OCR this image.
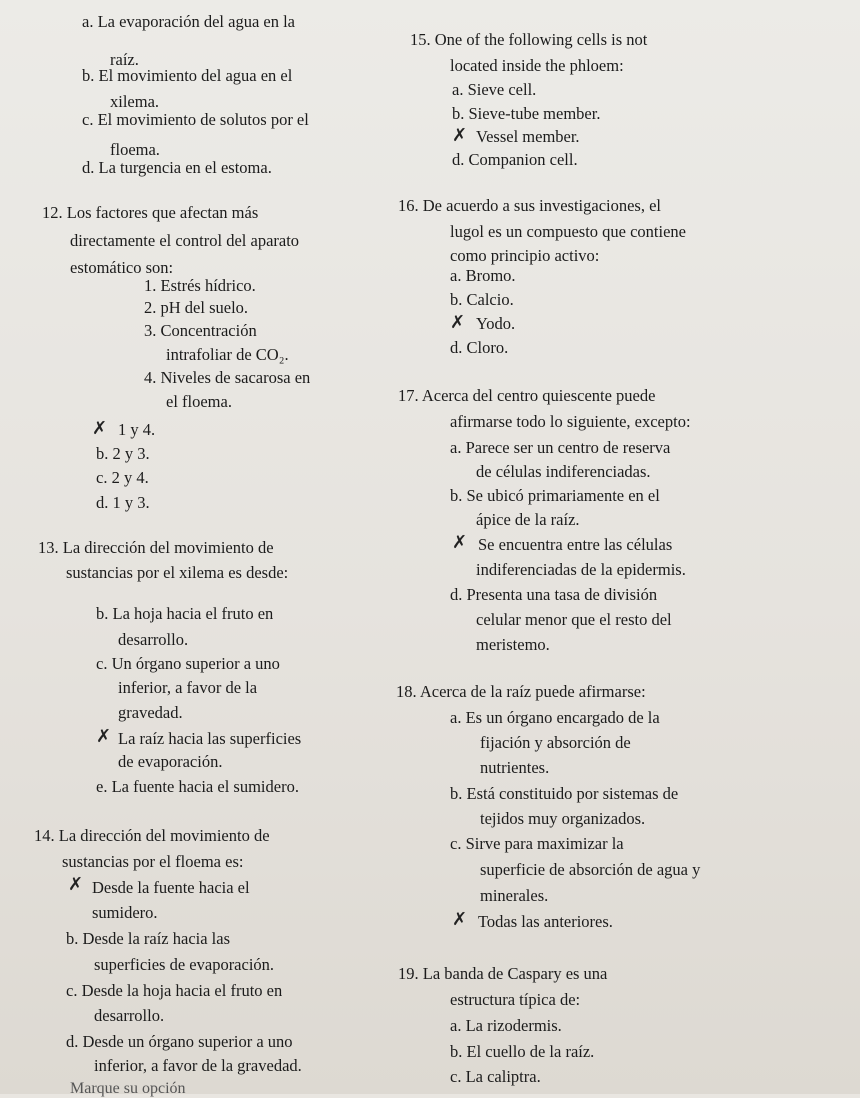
a. La evaporación del agua en la
raíz.
b. El movimiento del agua en el
xilema.
c. El movimiento de solutos por el
floema.
d. La turgencia en el estoma.
12. Los factores que afectan más
directamente el control del aparato
estomático son:
1. Estrés hídrico.
2. pH del suelo.
3. Concentración
intrafoliar de CO₂.
4. Niveles de sacarosa en
el floema.
✗ 1 y 4.
b. 2 y 3.
c. 2 y 4.
d. 1 y 3.
13. La dirección del movimiento de
sustancias por el xilema es desde:
b. La hoja hacia el fruto en
desarrollo.
c. Un órgano superior a uno
inferior, a favor de la
gravedad.
✗ La raíz hacia las superficies
de evaporación.
e. La fuente hacia el sumidero.
14. La dirección del movimiento de
sustancias por el floema es:
✗ Desde la fuente hacia el
sumidero.
b. Desde la raíz hacia las
superficies de evaporación.
c. Desde la hoja hacia el fruto en
desarrollo.
d. Desde un órgano superior a uno
inferior, a favor de la gravedad.
Marque su opción
15. One of the following cells is not
located inside the phloem:
a. Sieve cell.
b. Sieve-tube member.
✗ Vessel member.
d. Companion cell.
16. De acuerdo a sus investigaciones, el
lugol es un compuesto que contiene
como principio activo:
a. Bromo.
b. Calcio.
✗ Yodo.
d. Cloro.
17. Acerca del centro quiescente puede
afirmarse todo lo siguiente, excepto:
a. Parece ser un centro de reserva
de células indiferenciadas.
b. Se ubicó primariamente en el
ápice de la raíz.
✗ Se encuentra entre las células
indiferenciadas de la epidermis.
d. Presenta una tasa de división
celular menor que el resto del
meristemo.
18. Acerca de la raíz puede afirmarse:
a. Es un órgano encargado de la
fijación y absorción de
nutrientes.
b. Está constituido por sistemas de
tejidos muy organizados.
c. Sirve para maximizar la
superficie de absorción de agua y
minerales.
✗ Todas las anteriores.
19. La banda de Caspary es una
estructura típica de:
a. La rizodermis.
b. El cuello de la raíz.
c. La caliptra.
